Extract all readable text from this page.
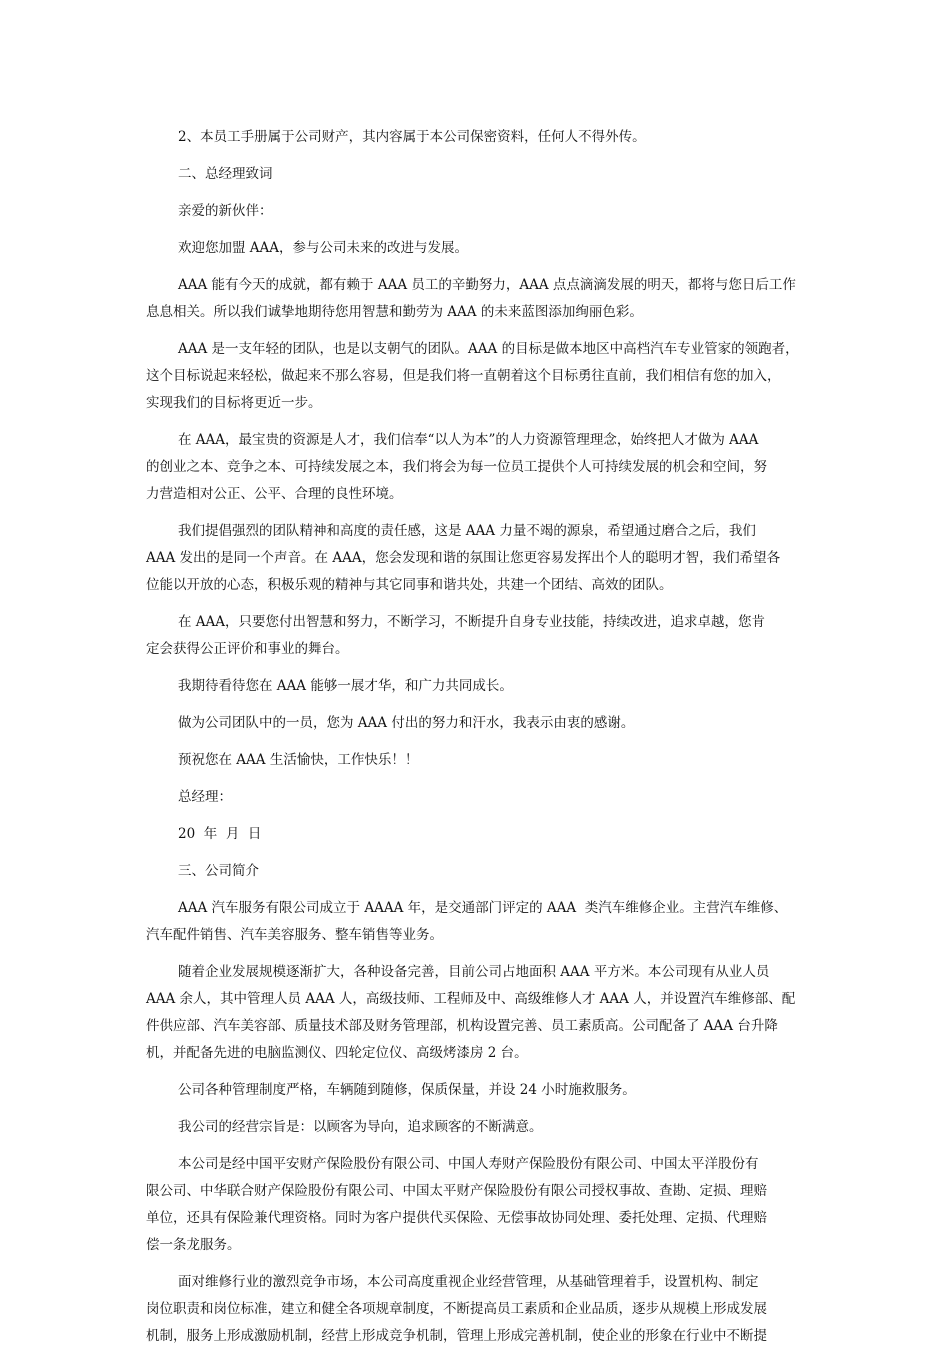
2、本员工手册属于公司财产，其内容属于本公司保密资料，任何人不得外传。

二、总经理致词

亲爱的新伙伴：

欢迎您加盟 AAA，参与公司未来的改进与发展。

AAA 能有今天的成就，都有赖于 AAA 员工的辛勤努力，AAA 点点滴滴发展的明天，都将与您日后工作
息息相关。所以我们诚挚地期待您用智慧和勤劳为 AAA 的未来蓝图添加绚丽色彩。

AAA 是一支年轻的团队，也是以支朝气的团队。AAA 的目标是做本地区中高档汽车专业管家的领跑者，
这个目标说起来轻松，做起来不那么容易，但是我们将一直朝着这个目标勇往直前，我们相信有您的加入，
实现我们的目标将更近一步。

在 AAA，最宝贵的资源是人才，我们信奉“以人为本”的人力资源管理理念，始终把人才做为 AAA
的创业之本、竞争之本、可持续发展之本，我们将会为每一位员工提供个人可持续发展的机会和空间，努
力营造相对公正、公平、合理的良性环境。

我们提倡强烈的团队精神和高度的责任感，这是 AAA 力量不竭的源泉，希望通过磨合之后，我们
AAA 发出的是同一个声音。在 AAA，您会发现和谐的氛围让您更容易发挥出个人的聪明才智，我们希望各
位能以开放的心态，积极乐观的精神与其它同事和谐共处，共建一个团结、高效的团队。

在 AAA，只要您付出智慧和努力，不断学习，不断提升自身专业技能，持续改进，追求卓越，您肯
定会获得公正评价和事业的舞台。

我期待看待您在 AAA 能够一展才华，和广力共同成长。

做为公司团队中的一员，您为 AAA 付出的努力和汗水，我表示由衷的感谢。

预祝您在 AAA 生活愉快，工作快乐！！

总经理：

20  年  月  日

三、公司简介

AAA 汽车服务有限公司成立于 AAAA 年，是交通部门评定的 AAA  类汽车维修企业。主营汽车维修、
汽车配件销售、汽车美容服务、整车销售等业务。

随着企业发展规模逐渐扩大，各种设备完善，目前公司占地面积 AAA 平方米。本公司现有从业人员
AAA 余人，其中管理人员 AAA 人，高级技师、工程师及中、高级维修人才 AAA 人，并设置汽车维修部、配
件供应部、汽车美容部、质量技术部及财务管理部，机构设置完善、员工素质高。公司配备了 AAA 台升降
机，并配备先进的电脑监测仪、四轮定位仪、高级烤漆房 2 台。

公司各种管理制度严格，车辆随到随修，保质保量，并设 24 小时施救服务。

我公司的经营宗旨是：以顾客为导向，追求顾客的不断满意。

本公司是经中国平安财产保险股份有限公司、中国人寿财产保险股份有限公司、中国太平洋股份有
限公司、中华联合财产保险股份有限公司、中国太平财产保险股份有限公司授权事故、查勘、定损、理赔
单位，还具有保险兼代理资格。同时为客户提供代买保险、无偿事故协同处理、委托处理、定损、代理赔
偿一条龙服务。

面对维修行业的激烈竞争市场，本公司高度重视企业经营管理，从基础管理着手，设置机构、制定
岗位职责和岗位标准，建立和健全各项规章制度，不断提高员工素质和企业品质，逐步从规模上形成发展
机制，服务上形成激励机制，经营上形成竞争机制，管理上形成完善机制，使企业的形象在行业中不断提
